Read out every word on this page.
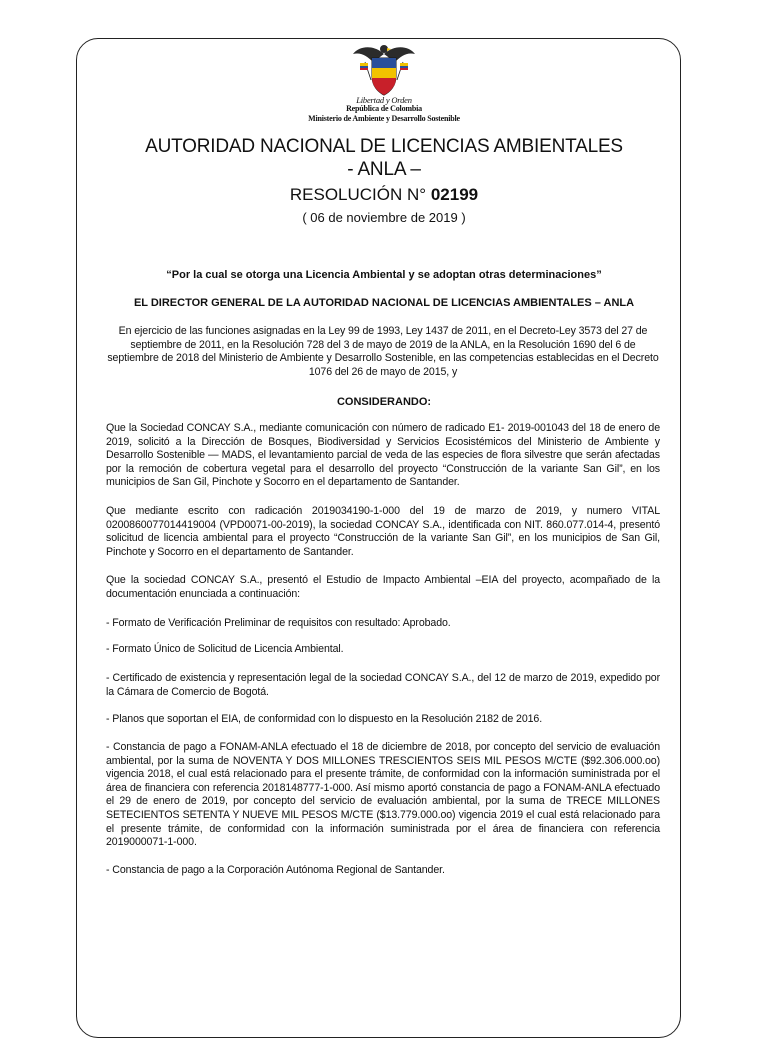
Libertad y Orden
República de Colombia
Ministerio de Ambiente y Desarrollo Sostenible
AUTORIDAD NACIONAL DE LICENCIAS AMBIENTALES
- ANLA –
RESOLUCIÓN N° 02199
( 06 de noviembre de 2019 )
“Por la cual se otorga una Licencia Ambiental y se adoptan otras determinaciones”
EL DIRECTOR GENERAL DE LA AUTORIDAD NACIONAL DE LICENCIAS AMBIENTALES – ANLA
En ejercicio de las funciones asignadas en la Ley 99 de 1993, Ley 1437 de 2011, en el Decreto-Ley 3573 del 27 de septiembre de 2011, en la Resolución 728 del 3 de mayo de 2019 de la ANLA, en la Resolución 1690 del 6 de septiembre de 2018 del Ministerio de Ambiente y Desarrollo Sostenible, en las competencias establecidas en el Decreto 1076 del 26 de mayo de 2015, y
CONSIDERANDO:
Que la Sociedad CONCAY S.A., mediante comunicación con número de radicado E1- 2019-001043 del 18 de enero de 2019, solicitó a la Dirección de Bosques, Biodiversidad y Servicios Ecosistémicos del Ministerio de Ambiente y Desarrollo Sostenible — MADS, el levantamiento parcial de veda de las especies de flora silvestre que serán afectadas por la remoción de cobertura vegetal para el desarrollo del proyecto “Construcción de la variante San Gil”, en los municipios de San Gil, Pinchote y Socorro en el departamento de Santander.
Que mediante escrito con radicación 2019034190-1-000 del 19 de marzo de 2019, y numero VITAL 0200860077014419004 (VPD0071-00-2019), la sociedad CONCAY S.A., identificada con NIT. 860.077.014-4, presentó solicitud de licencia ambiental para el proyecto “Construcción de la variante San Gil”, en los municipios de San Gil, Pinchote y Socorro en el departamento de Santander.
Que la sociedad CONCAY S.A., presentó el Estudio de Impacto Ambiental –EIA del proyecto, acompañado de la documentación enunciada a continuación:
- Formato de Verificación Preliminar de requisitos con resultado: Aprobado.
- Formato Único de Solicitud de Licencia Ambiental.
- Certificado de existencia y representación legal de la sociedad CONCAY S.A., del 12 de marzo de 2019, expedido por la Cámara de Comercio de Bogotá.
- Planos que soportan el EIA, de conformidad con lo dispuesto en la Resolución 2182 de 2016.
- Constancia de pago a FONAM-ANLA efectuado el 18 de diciembre de 2018, por concepto del servicio de evaluación ambiental, por la suma de NOVENTA Y DOS MILLONES TRESCIENTOS SEIS MIL PESOS M/CTE ($92.306.000.oo) vigencia 2018, el cual está relacionado para el presente trámite, de conformidad con la información suministrada por el área de financiera con referencia 2018148777-1-000. Así mismo aportó constancia de pago a FONAM-ANLA efectuado el 29 de enero de 2019, por concepto del servicio de evaluación ambiental, por la suma de TRECE MILLONES SETECIENTOS SETENTA Y NUEVE MIL PESOS M/CTE ($13.779.000.oo) vigencia 2019 el cual está relacionado para el presente trámite, de conformidad con la información suministrada por el área de financiera con referencia 2019000071-1-000.
- Constancia de pago a la Corporación Autónoma Regional de Santander.
